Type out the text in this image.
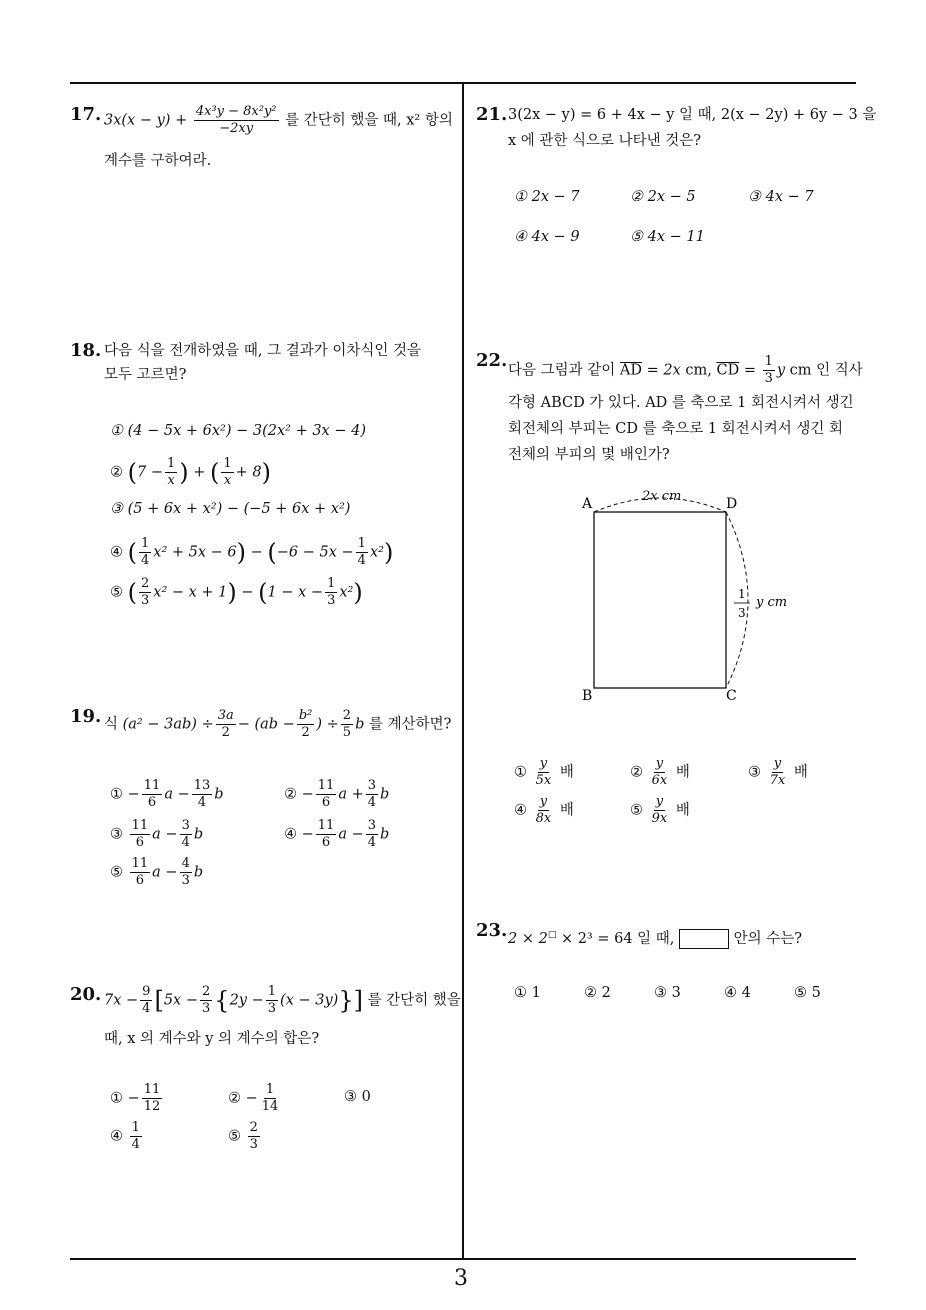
3
17. $3x(x - y) + \frac{\text{4x³y − 8x²y²}}{-2xy}$ 를 간단히 했을 때, x² 항의
계수를 구하여라.
18. 다음 식을 전개하였을 때, 그 결과가 이차식인 것을
모두 고르면?
① (4 − 5x + 6x²) − 3(2x² + 3x − 4)
② ($7 - \frac{1}{x}$ ) + ( $\frac{1}{x} + 8$)
③ (5 + 6x + x²) − (−5 + 6x + x²)
④ ( $\frac{1}{4} x^2 + 5x - 6) - (-6 - 5x - \frac{1}{4} x^2)$
⑤ ( $\frac{2}{3} x^2 - x + 1) - (1 - x - \frac{1}{3} x^2)$
19. 식 $(a^2 - 3ab) \div \frac{3a}{2} - (ab - \frac{\text{b²}}{2}$ ) ÷ $\frac{2}{5}$ b 를 계산하면?
① − $\frac{11}{6}$ $a - \frac{13}{4}$ b	② − $\frac{11}{6}$ $a + \frac{3}{4}$ b
③ $\frac{11}{6}$ $a - \frac{3}{4}$ b	④ − $\frac{11}{6}$ $a - \frac{3}{4}$ b
⑤ $\frac{11}{6}$ $a - \frac{4}{3}$ b
20. $7x - \frac{9}{4} [5x - \frac{2}{3} \{2y - \frac{1}{3} (x - 3y)\}]$ 를 간단히 했을
때, x 의 계수와 y 의 계수의 합은?
① − $\frac{11}{12}$	② − $\frac{1}{14}$	③ 0
④ $\frac{1}{4}$	⑤ $\frac{2}{3}$
21. 3(2x − y) = 6 + 4x − y 일 때, 2(x − 2y) + 6y − 3 을
x 에 관한 식으로 나타낸 것은?
① 2x − 7	② 2x − 5	③ 4x − 7
④ 4x − 9	⑤ 4x − 11
22. 다음 그림과 같이 $\overline{AD} = 2x$ cm, $\overline{CD} = \frac{1}{3}$ y cm 인 직사
각형 ABCD 가 있다. AD 를 축으로 1 회전시켜서 생긴
회전체의 부피는 CD 를 축으로 1 회전시켜서 생긴 회
전체의 부피의 몇 배인가?
A	D
B	C
2x cm
1
3
y cm
① $\frac{y}{5x}$ 배	② $\frac{y}{6x}$ 배	③ $\frac{y}{7x}$ 배
④ $\frac{y}{8x}$ 배	⑤ $\frac{y}{9x}$ 배
23. 2 × 2□ × 2³ = 64 일 때,	안의 수는?
① 1	② 2	③ 3	④ 4	⑤ 5
